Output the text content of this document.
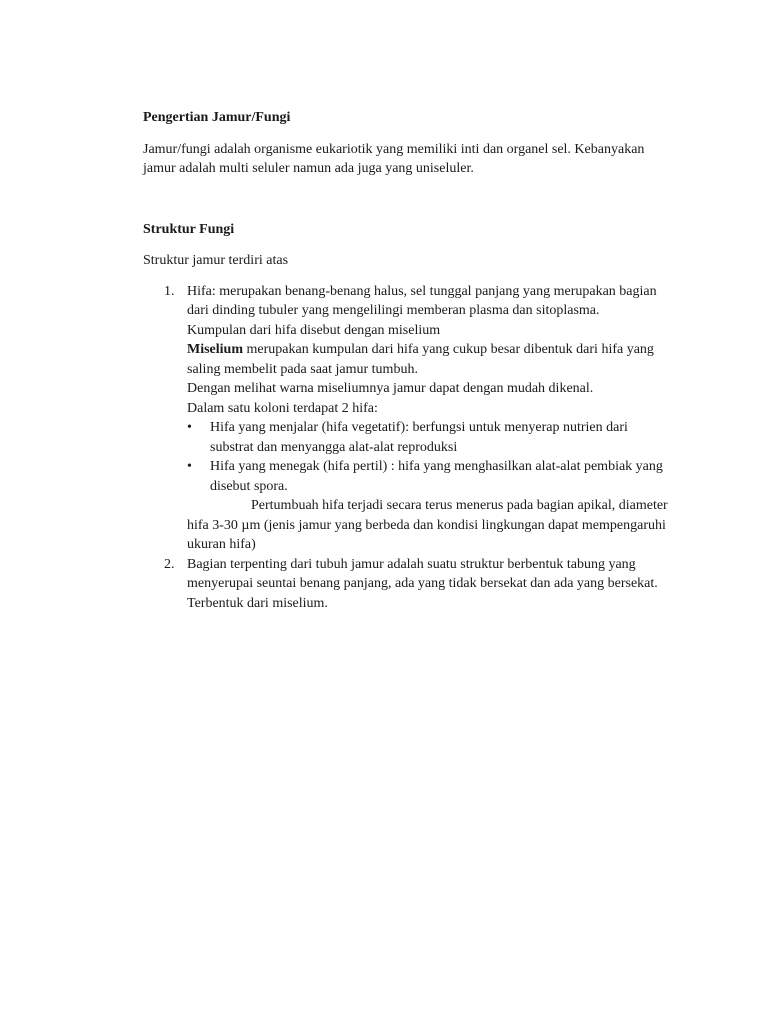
Pengertian Jamur/Fungi

Jamur/fungi adalah organisme eukariotik yang memiliki inti dan organel sel. Kebanyakan jamur adalah multi seluler namun ada juga yang uniseluler.

Struktur Fungi

Struktur jamur terdiri atas

1. Hifa: merupakan benang-benang halus, sel tunggal panjang yang merupakan bagian dari dinding tubuler yang mengelilingi memberan plasma dan sitoplasma.

Kumpulan dari hifa disebut dengan miselium

Miselium merupakan kumpulan dari hifa yang cukup besar dibentuk dari hifa yang saling membelit pada saat jamur tumbuh.

Dengan melihat warna miseliumnya jamur dapat dengan mudah dikenal.

Dalam satu koloni terdapat 2 hifa:

• Hifa yang menjalar (hifa vegetatif): berfungsi untuk menyerap nutrien dari substrat dan menyangga alat-alat reproduksi
• Hifa yang menegak (hifa pertil) : hifa yang menghasilkan alat-alat pembiak yang disebut spora.

Pertumbuah hifa terjadi secara terus menerus pada bagian apikal, diameter hifa 3-30 µm (jenis jamur yang berbeda dan kondisi lingkungan dapat mempengaruhi ukuran hifa)

2. Bagian terpenting dari tubuh jamur adalah suatu struktur berbentuk tabung yang menyerupai seuntai benang panjang, ada yang tidak bersekat dan ada yang bersekat. Terbentuk dari miselium.
